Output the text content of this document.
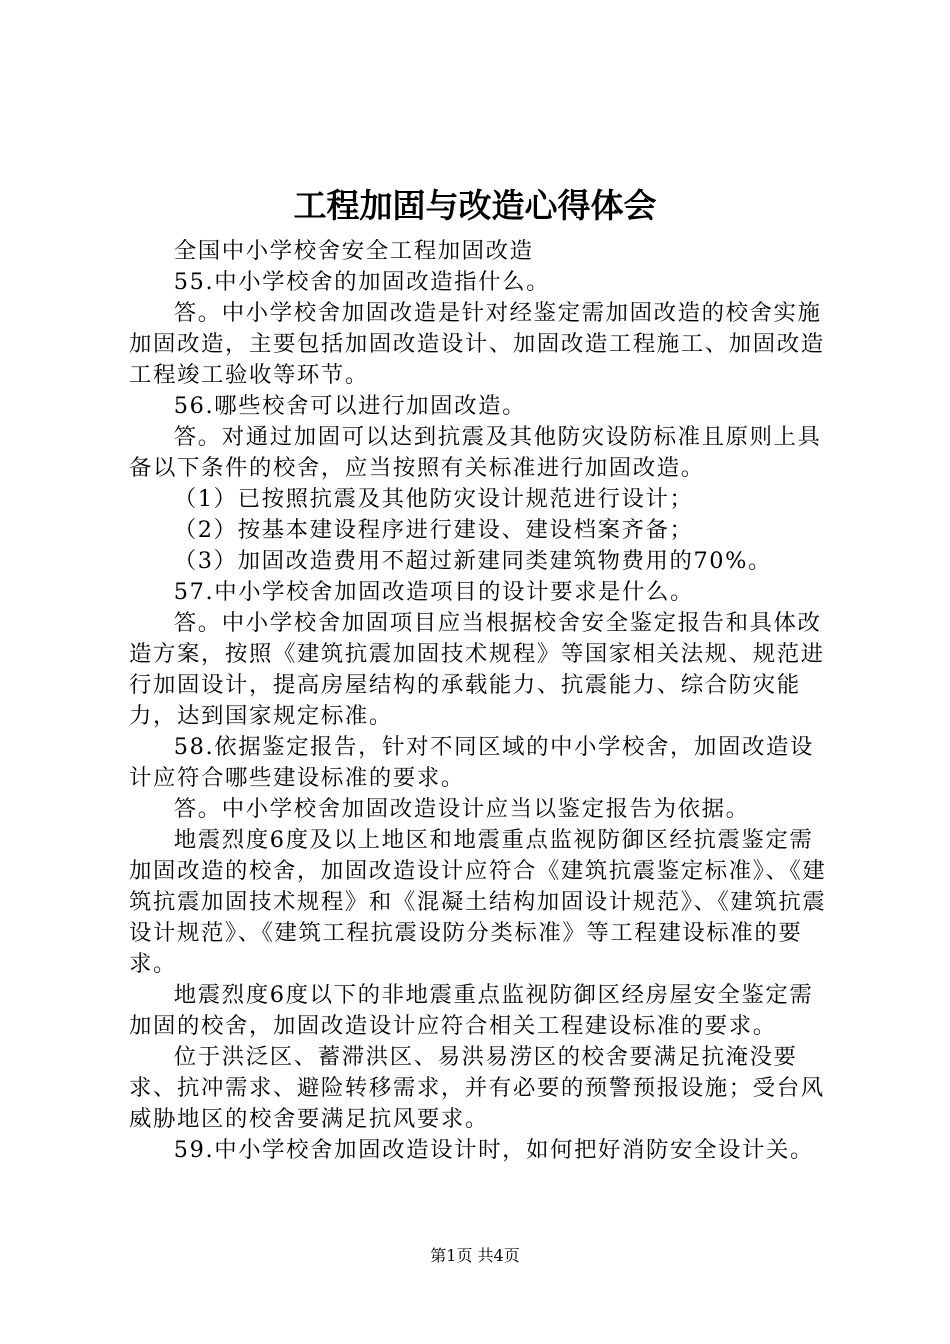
工程加固与改造心得体会

全国中小学校舍安全工程加固改造

55.中小学校舍的加固改造指什么。

答。中小学校舍加固改造是针对经鉴定需加固改造的校舍实施加固改造，主要包括加固改造设计、加固改造工程施工、加固改造工程竣工验收等环节。

56.哪些校舍可以进行加固改造。

答。对通过加固可以达到抗震及其他防灾设防标准且原则上具备以下条件的校舍，应当按照有关标准进行加固改造。

（1）已按照抗震及其他防灾设计规范进行设计；

（2）按基本建设程序进行建设、建设档案齐备；

（3）加固改造费用不超过新建同类建筑物费用的70%。

57.中小学校舍加固改造项目的设计要求是什么。

答。中小学校舍加固项目应当根据校舍安全鉴定报告和具体改造方案，按照《建筑抗震加固技术规程》等国家相关法规、规范进行加固设计，提高房屋结构的承载能力、抗震能力、综合防灾能力，达到国家规定标准。

58.依据鉴定报告，针对不同区域的中小学校舍，加固改造设计应符合哪些建设标准的要求。

答。中小学校舍加固改造设计应当以鉴定报告为依据。

地震烈度6度及以上地区和地震重点监视防御区经抗震鉴定需加固改造的校舍，加固改造设计应符合《建筑抗震鉴定标准》、《建筑抗震加固技术规程》和《混凝土结构加固设计规范》、《建筑抗震设计规范》、《建筑工程抗震设防分类标准》等工程建设标准的要求。

地震烈度6度以下的非地震重点监视防御区经房屋安全鉴定需加固的校舍，加固改造设计应符合相关工程建设标准的要求。

位于洪泛区、蓄滞洪区、易洪易涝区的校舍要满足抗淹没要求、抗冲需求、避险转移需求，并有必要的预警预报设施；受台风威胁地区的校舍要满足抗风要求。

59.中小学校舍加固改造设计时，如何把好消防安全设计关。

第1页 共4页
